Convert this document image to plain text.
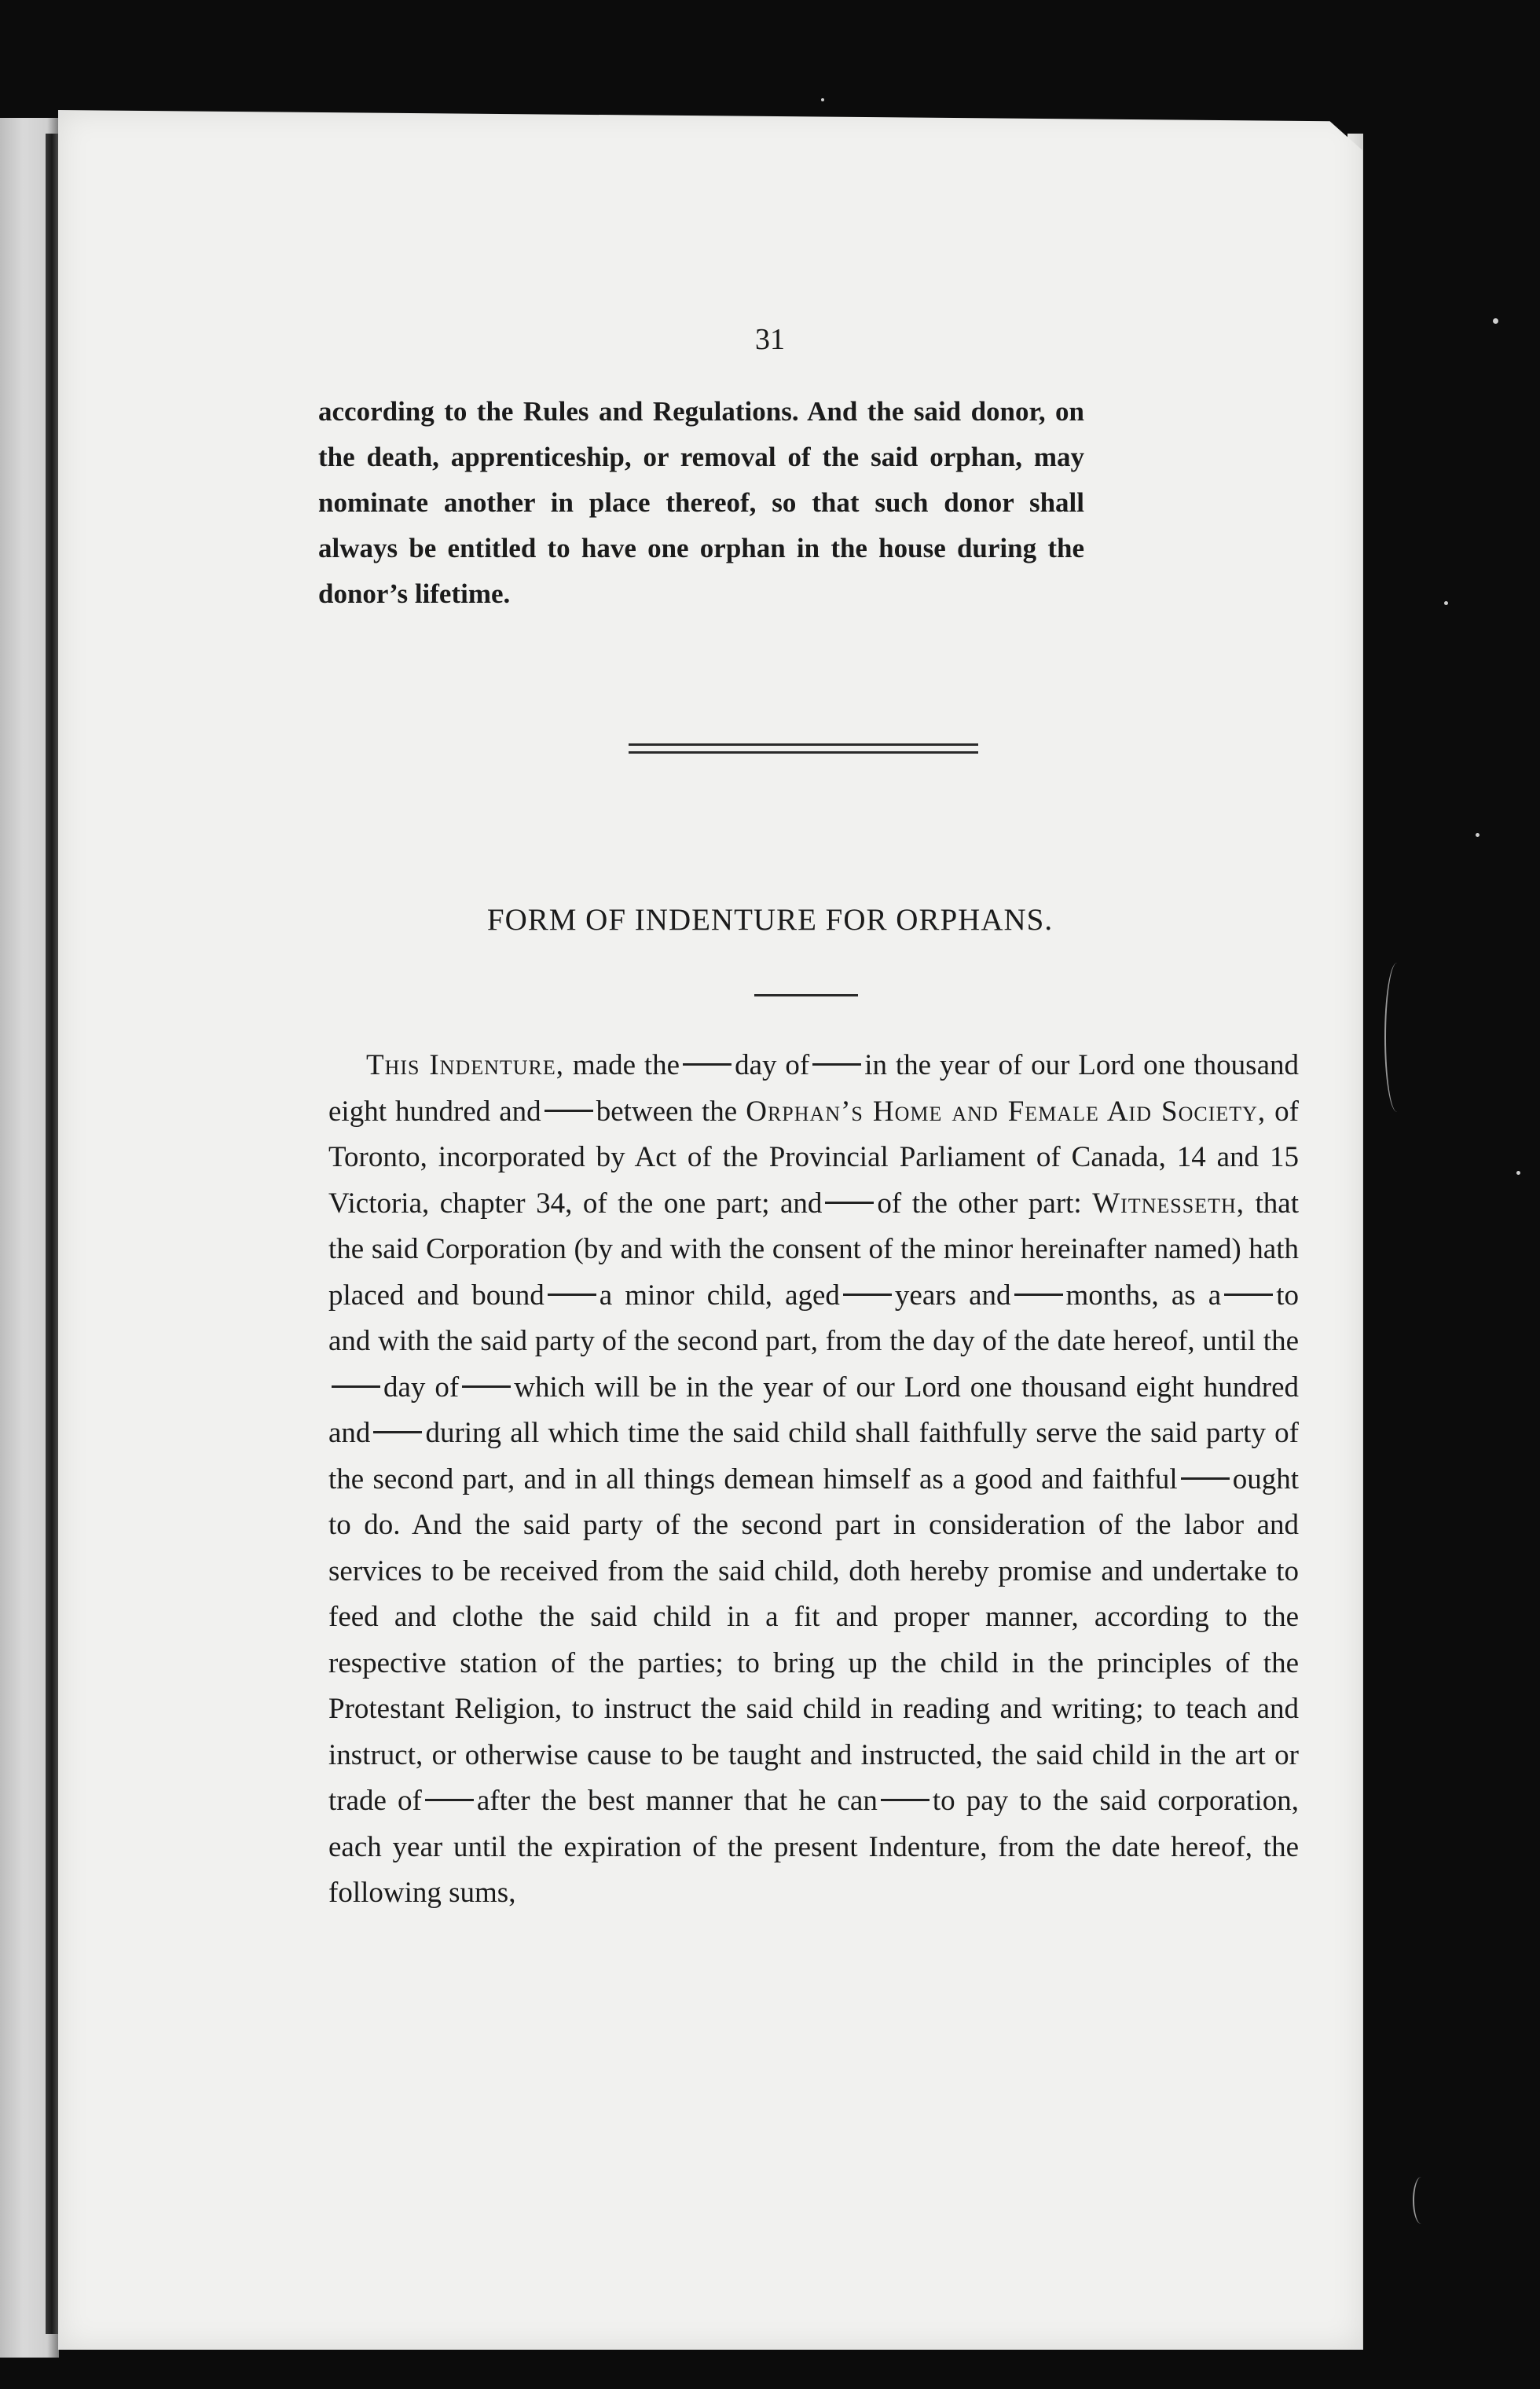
31
according to the Rules and Regulations. And the said donor, on the death, apprenticeship, or removal of the said orphan, may nominate another in place thereof, so that such donor shall always be entitled to have one orphan in the house during the donor’s lifetime.
FORM OF INDENTURE FOR ORPHANS.

This Indenture, made the day of in the year of our Lord one thousand eight hundred and between the Orphan’s Home and Female Aid Society, of Toronto, incorporated by Act of the Provincial Parliament of Canada, 14 and 15 Victoria, chapter 34, of the one part; and of the other part: Witnesseth, that the said Corporation (by and with the consent of the minor hereinafter named) hath placed and bound a minor child, aged years and months, as a to and with the said party of the second part, from the day of the date hereof, until theday of which will be in the year of our Lord one thousand eight hundred and during all which time the said child shall faithfully serve the said party of the second part, and in all things demean himself as a good and faithful ought to do. And the said party of the second part in consideration of the labor and services to be received from the said child, doth hereby promise and undertake to feed and clothe the said child in a fit and proper manner, according to the respective station of the parties; to bring up the child in the principles of the Protestant Religion, to instruct the said child in reading and writing; to teach and instruct, or otherwise cause to be taught and instructed, the said child in the art or trade of after the best manner that he can to pay to the said corporation, each year until the expiration of the present Indenture, from the date hereof, the following sums,
